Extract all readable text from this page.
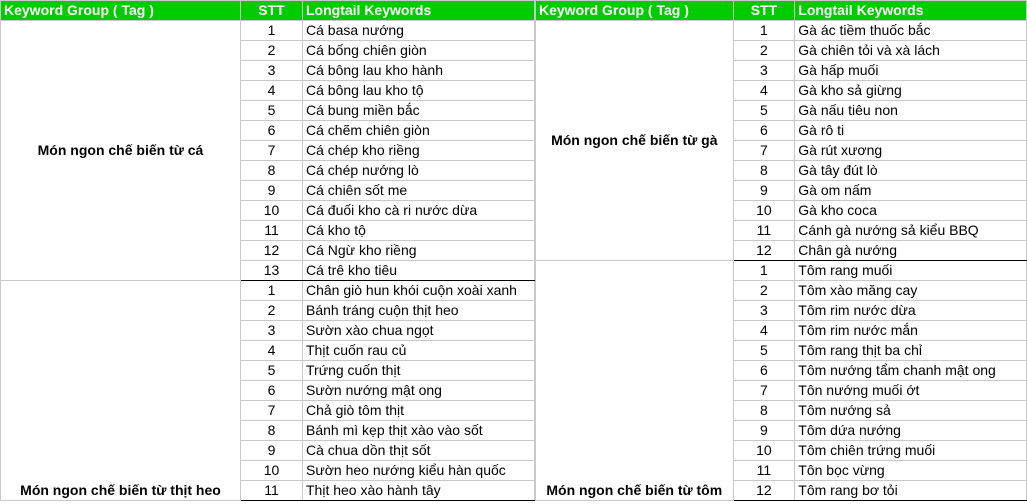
Keyword Group ( Tag )	STT	Longtail Keywords
Món ngon chế biến từ cá	1	Cá basa nướng
	2	Cá bống chiên giòn
	3	Cá bông lau kho hành
	4	Cá bông lau kho tộ
	5	Cá bung miền bắc
	6	Cá chẽm chiên giòn
	7	Cá chép kho riềng
	8	Cá chép nướng lò
	9	Cá chiên sốt me
	10	Cá đuối kho cà ri nước dừa
	11	Cá kho tộ
	12	Cá Ngừ kho riềng
	13	Cá trê kho tiêu
Món ngon chế biến từ thịt heo	1	Chân giò hun khói cuộn xoài xanh
	2	Bánh tráng cuộn thịt heo
	3	Sườn xào chua ngọt
	4	Thịt cuốn rau củ
	5	Trứng cuốn thịt
	6	Sườn nướng mật ong
	7	Chả giò tôm thịt
	8	Bánh mì kẹp thịt xào vào sốt
	9	Cà chua dồn thịt sốt
	10	Sườn heo nướng kiểu hàn quốc
	11	Thịt heo xào hành tây
Keyword Group ( Tag )	STT	Longtail Keywords
Món ngon chế biến từ gà	1	Gà ác tiềm thuốc bắc
	2	Gà chiên tỏi và xà lách
	3	Gà hấp muối
	4	Gà kho sả giừng
	5	Gà nấu tiêu non
	6	Gà rô ti
	7	Gà rút xương
	8	Gà tây đút lò
	9	Gà om nấm
	10	Gà kho coca
	11	Cánh gà nướng sả kiểu BBQ
	12	Chân gà nướng
Món ngon chế biến từ tôm	1	Tôm rang muối
	2	Tôm xào măng cay
	3	Tôm rim nước dừa
	4	Tôm rim nước mắn
	5	Tôm rang thịt ba chỉ
	6	Tôm nướng tẩm chanh mật ong
	7	Tôn nướng muối ớt
	8	Tôm nướng sả
	9	Tôm dứa nướng
	10	Tôm chiên trứng muối
	11	Tôn bọc vừng
	12	Tôm rang bơ tỏi
